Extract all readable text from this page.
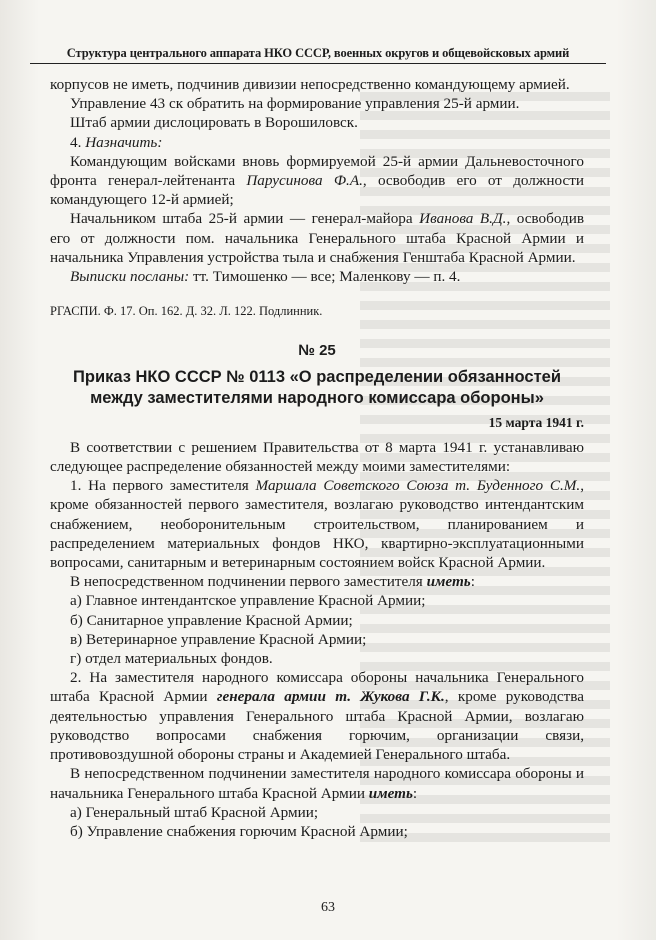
Структура центрального аппарата НКО СССР, военных округов и общевойсковых армий

корпусов не иметь, подчинив дивизии непосредственно командующему армией.

Управление 43 ск обратить на формирование управления 25-й армии.

Штаб армии дислоцировать в Ворошиловск.

4. Назначить:

Командующим войсками вновь формируемой 25-й армии Дальневосточного фронта генерал-лейтенанта Парусинова Ф.А., освободив его от должности командующего 12-й армией;

Начальником штаба 25-й армии — генерал-майора Иванова В.Д., освободив его от должности пом. начальника Генерального штаба Красной Армии и начальника Управления устройства тыла и снабжения Генштаба Красной Армии.

Выписки посланы: тт. Тимошенко — все; Маленкову — п. 4.

РГАСПИ. Ф. 17. Оп. 162. Д. 32. Л. 122. Подлинник.

№ 25

Приказ НКО СССР № 0113 «О распределении обязанностей между заместителями народного комиссара обороны»

15 марта 1941 г.

В соответствии с решением Правительства от 8 марта 1941 г. устанавливаю следующее распределение обязанностей между моими заместителями:

1. На первого заместителя Маршала Советского Союза т. Буденного С.М., кроме обязанностей первого заместителя, возлагаю руководство интендантским снабжением, необоронительным строительством, планированием и распределением материальных фондов НКО, квартирно-эксплуатационными вопросами, санитарным и ветеринарным состоянием войск Красной Армии.

В непосредственном подчинении первого заместителя иметь:

а) Главное интендантское управление Красной Армии;

б) Санитарное управление Красной Армии;

в) Ветеринарное управление Красной Армии;

г) отдел материальных фондов.

2. На заместителя народного комиссара обороны начальника Генерального штаба Красной Армии генерала армии т. Жукова Г.К., кроме руководства деятельностью управления Генерального штаба Красной Армии, возлагаю руководство вопросами снабжения горючим, организации связи, противовоздушной обороны страны и Академией Генерального штаба.

В непосредственном подчинении заместителя народного комиссара обороны и начальника Генерального штаба Красной Армии иметь:

а) Генеральный штаб Красной Армии;

б) Управление снабжения горючим Красной Армии;

63
